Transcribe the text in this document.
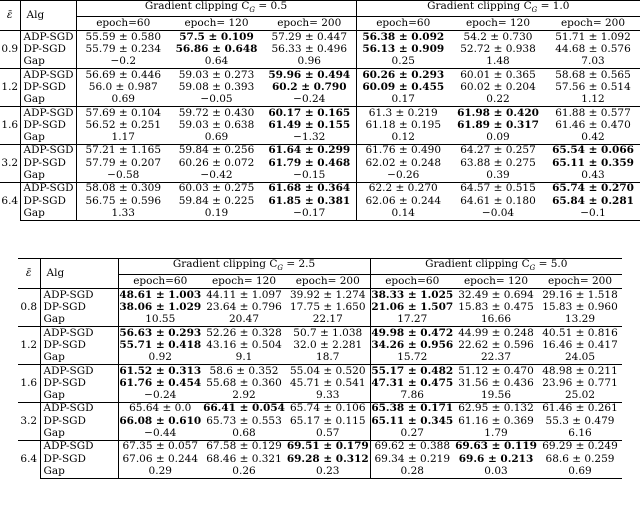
ε̄	Alg	Gradient clipping $C_G = 0.5$			Gradient clipping $C_G = 1.0$		
		epoch=60	epoch= 120	epoch= 200	epoch=60	epoch= 120	epoch= 200
0.9	ADP-SGD	55.59 ± 0.580	57.5 ± 0.109	57.29 ± 0.447	56.38 ± 0.092	54.2 ± 0.730	51.71 ± 1.092
	DP-SGD	55.79 ± 0.234	56.86 ± 0.648	56.33 ± 0.496	56.13 ± 0.909	52.72 ± 0.938	44.68 ± 0.576
	Gap	−0.2	0.64	0.96	0.25	1.48	7.03
1.2	ADP-SGD	56.69 ± 0.446	59.03 ± 0.273	59.96 ± 0.494	60.26 ± 0.293	60.01 ± 0.365	58.68 ± 0.565
	DP-SGD	56.0 ± 0.987	59.08 ± 0.393	60.2 ± 0.790	60.09 ± 0.455	60.02 ± 0.204	57.56 ± 0.514
	Gap	0.69	−0.05	−0.24	0.17	0.22	1.12
1.6	ADP-SGD	57.69 ± 0.104	59.72 ± 0.430	60.17 ± 0.165	61.3 ± 0.219	61.98 ± 0.420	61.88 ± 0.577
	DP-SGD	56.52 ± 0.251	59.03 ± 0.638	61.49 ± 0.155	61.18 ± 0.195	61.89 ± 0.317	61.46 ± 0.470
	Gap	1.17	0.69	−1.32	0.12	0.09	0.42
3.2	ADP-SGD	57.21 ± 1.165	59.84 ± 0.256	61.64 ± 0.299	61.76 ± 0.490	64.27 ± 0.257	65.54 ± 0.066
	DP-SGD	57.79 ± 0.207	60.26 ± 0.072	61.79 ± 0.468	62.02 ± 0.248	63.88 ± 0.275	65.11 ± 0.359
	Gap	−0.58	−0.42	−0.15	−0.26	0.39	0.43
6.4	ADP-SGD	58.08 ± 0.309	60.03 ± 0.275	61.68 ± 0.364	62.2 ± 0.270	64.57 ± 0.515	65.74 ± 0.270
	DP-SGD	56.75 ± 0.596	59.84 ± 0.225	61.85 ± 0.381	62.06 ± 0.244	64.61 ± 0.180	65.84 ± 0.281
	Gap	1.33	0.19	−0.17	0.14	−0.04	−0.1
ε̄	Alg	Gradient clipping $C_G = 2.5$			Gradient clipping $C_G = 5.0$		
		epoch=60	epoch= 120	epoch= 200	epoch=60	epoch= 120	epoch= 200
0.8	ADP-SGD	48.61 ± 1.003	44.11 ± 1.097	39.92 ± 1.274	38.33 ± 1.025	32.49 ± 0.694	29.16 ± 1.518
	DP-SGD	38.06 ± 1.029	23.64 ± 0.796	17.75 ± 1.650	21.06 ± 1.507	15.83 ± 0.475	15.83 ± 0.960
	Gap	10.55	20.47	22.17	17.27	16.66	13.29
1.2	ADP-SGD	56.63 ± 0.293	52.26 ± 0.328	50.7 ± 1.038	49.98 ± 0.472	44.99 ± 0.248	40.51 ± 0.816
	DP-SGD	55.71 ± 0.418	43.16 ± 0.504	32.0 ± 2.281	34.26 ± 0.956	22.62 ± 0.596	16.46 ± 0.417
	Gap	0.92	9.1	18.7	15.72	22.37	24.05
1.6	ADP-SGD	61.52 ± 0.313	58.6 ± 0.352	55.04 ± 0.520	55.17 ± 0.482	51.12 ± 0.470	48.98 ± 0.211
	DP-SGD	61.76 ± 0.454	55.68 ± 0.360	45.71 ± 0.541	47.31 ± 0.475	31.56 ± 0.436	23.96 ± 0.771
	Gap	−0.24	2.92	9.33	7.86	19.56	25.02
3.2	ADP-SGD	65.64 ± 0.0	66.41 ± 0.054	65.74 ± 0.106	65.38 ± 0.171	62.95 ± 0.132	61.46 ± 0.261
	DP-SGD	66.08 ± 0.610	65.73 ± 0.553	65.17 ± 0.115	65.11 ± 0.345	61.16 ± 0.369	55.3 ± 0.479
	Gap	−0.44	0.68	0.57	0.27	1.79	6.16
6.4	ADP-SGD	67.35 ± 0.057	67.58 ± 0.129	69.51 ± 0.179	69.62 ± 0.388	69.63 ± 0.119	69.29 ± 0.249
	DP-SGD	67.06 ± 0.244	68.46 ± 0.321	69.28 ± 0.312	69.34 ± 0.219	69.6 ± 0.213	68.6 ± 0.259
	Gap	0.29	0.26	0.23	0.28	0.03	0.69
